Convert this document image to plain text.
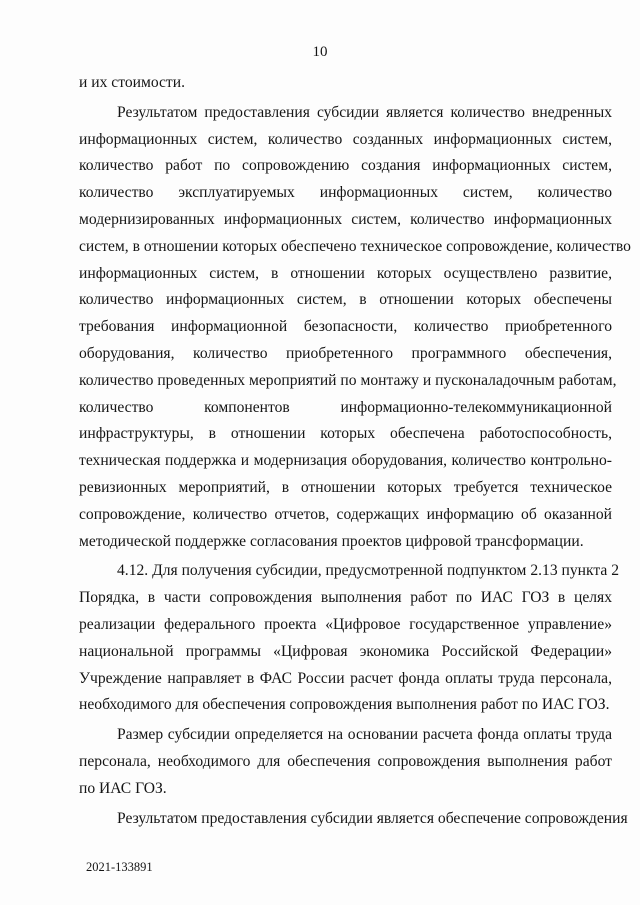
10
и их стоимости.
Результатом предоставления субсидии является количество внедренных
информационных систем, количество созданных информационных систем,
количество работ по сопровождению создания информационных систем,
количество эксплуатируемых информационных систем, количество
модернизированных информационных систем, количество информационных
систем, в отношении которых обеспечено техническое сопровождение, количество
информационных систем, в отношении которых осуществлено развитие,
количество информационных систем, в отношении которых обеспечены
требования информационной безопасности, количество приобретенного
оборудования, количество приобретенного программного обеспечения,
количество проведенных мероприятий по монтажу и пусконаладочным работам,
количество компонентов информационно-телекоммуникационной
инфраструктуры, в отношении которых обеспечена работоспособность,
техническая поддержка и модернизация оборудования, количество контрольно-
ревизионных мероприятий, в отношении которых требуется техническое
сопровождение, количество отчетов, содержащих информацию об оказанной
методической поддержке согласования проектов цифровой трансформации.
4.12. Для получения субсидии, предусмотренной подпунктом 2.13 пункта 2
Порядка, в части сопровождения выполнения работ по ИАС ГОЗ в целях
реализации федерального проекта «Цифровое государственное управление»
национальной программы «Цифровая экономика Российской Федерации»
Учреждение направляет в ФАС России расчет фонда оплаты труда персонала,
необходимого для обеспечения сопровождения выполнения работ по ИАС ГОЗ.
Размер субсидии определяется на основании расчета фонда оплаты труда
персонала, необходимого для обеспечения сопровождения выполнения работ
по ИАС ГОЗ.
Результатом предоставления субсидии является обеспечение сопровождения
2021-133891
